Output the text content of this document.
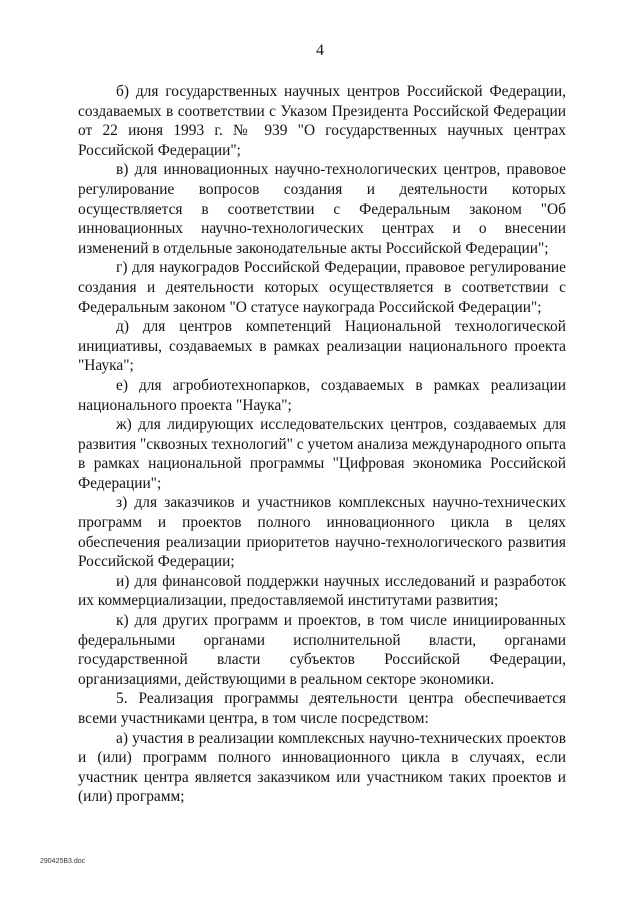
4

б) для государственных научных центров Российской Федерации, создаваемых в соответствии с Указом Президента Российской Федерации от 22 июня 1993 г. № 939 "О государственных научных центрах Российской Федерации";

в) для инновационных научно-технологических центров, правовое регулирование вопросов создания и деятельности которых осуществляется в соответствии с Федеральным законом "Об инновационных научно-технологических центрах и о внесении изменений в отдельные законодательные акты Российской Федерации";

г) для наукоградов Российской Федерации, правовое регулирование создания и деятельности которых осуществляется в соответствии с Федеральным законом "О статусе наукограда Российской Федерации";

д) для центров компетенций Национальной технологической инициативы, создаваемых в рамках реализации национального проекта "Наука";

е) для агробиотехнопарков, создаваемых в рамках реализации национального проекта "Наука";

ж) для лидирующих исследовательских центров, создаваемых для развития "сквозных технологий" с учетом анализа международного опыта в рамках национальной программы "Цифровая экономика Российской Федерации";

з) для заказчиков и участников комплексных научно-технических программ и проектов полного инновационного цикла в целях обеспечения реализации приоритетов научно-технологического развития Российской Федерации;

и) для финансовой поддержки научных исследований и разработок их коммерциализации, предоставляемой институтами развития;

к) для других программ и проектов, в том числе инициированных федеральными органами исполнительной власти, органами государственной власти субъектов Российской Федерации, организациями, действующими в реальном секторе экономики.

5. Реализация программы деятельности центра обеспечивается всеми участниками центра, в том числе посредством:

а) участия в реализации комплексных научно-технических проектов и (или) программ полного инновационного цикла в случаях, если участник центра является заказчиком или участником таких проектов и (или) программ;

290425B3.doc
